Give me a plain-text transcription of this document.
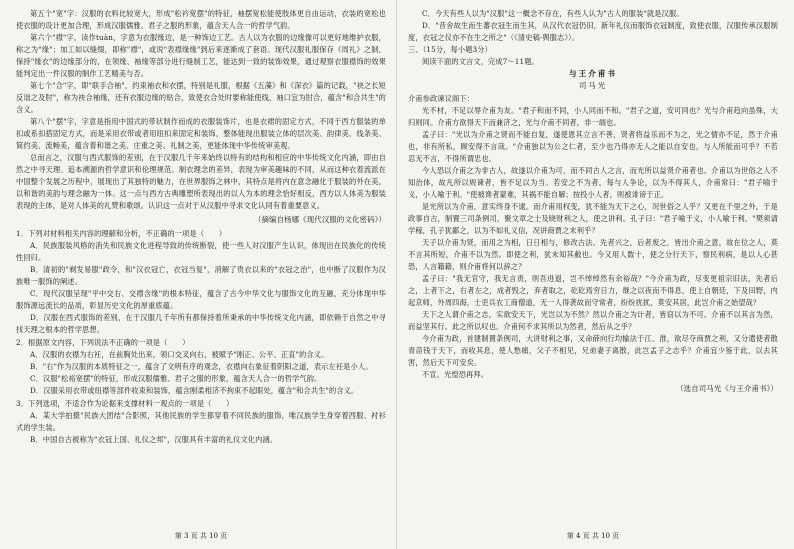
第五个"宽"字：汉服的衣料比较宽大，形成"松衿宽摆"的特征，袖摆宽松能使肢体更自由运动，衣装的宽松也使衣服的设计更加合理，形成汉服儒雅、君子之服的形象，蕴含天人合一的哲学气韵。

第六个"襟"字，读作tuàn，字意为衣服缘边，是一种饰边工艺。古人以为衣服的边缘像可以更好地维护衣服，称之为"缘"；加工如以缝缀，即称"襟"，或说"表襟缘缘"到后来逐渐成了套语。现代汉服礼服保存《周礼》之制，保持"缘衣"的边缘部分的，在领缘、袖缘等部分进行缝制工艺，能达到一致的装饰效果，通过观察衣服襟饰的效果能判定出一件汉服的制作工艺精美与否。

第七个"合"字，即"联手合袖"，约束袖衣和衣摆，特别是礼服，根据《五藻》和《深衣》篇的记载，"袂之长短反诎之及肘"，称为袂合袖缘，还有衣服边缘的贴合，致使衣合处时要称能使线，袖口宜为肘合，蕴含"和合共生"的含义。

第八个"摆"字，字意是指用中国式的带状制作而成的衣服装饰片，也是衣裙的固定方式，不同于西方服装的单扣或系扣搭固定方式，而是采用衣带或者用纽扣来固定和装饰，整体能现出服装立体的层次美、韵律美、线条美、简约美、流畅美，蕴含着和谐之美、庄重之美、礼制之美，更能体现中华传统审美观。

总而言之，汉服与西式服饰的差别，在于汉服几千年来始终以特有的结构和相应的中华传统文化内涵，即由自然之中寻天理、追本溯源的哲学意识和伦理规范。制衣理念的差异，表现为审美趣味的不同，从而这种衣着流派在中国整个发展之历程中，展现出了其独特的魅力，在世界服饰之林中，其特点是将内在意念融化于服装的外在美，以和谐的美韵与理念融为一体。这一点与西方古典雕塑所表现出的以人为本的理念恰好相反，西方以人体美为服装表现的主体，是对人体美的礼赞和歌颂。认识这一点对于从汉服中寻求文化认同有着重要意义。

（摘编自杨娜《现代汉服的文化密码》）

1．下列对材料相关内容的理解和分析，不正确的一项是（　　）

A．民族服装风格的消失和民族文化进程导致的传统断裂，使一些人对汉服产生认识，体现出在民族化的传统性回归。

B．清初的"剃发易服"政令，和"汉衣冠亡，衣冠当复"，消解了贵衣以来的"衣冠之治"，也中断了汉服作为汉族唯一服饰的阐述。

C．现代汉服呈现"平中交右、交襟含缘"的根本特征，蕴含了古今中华文化与服饰文化的互融，充分体现中华服饰源远流长的品质，彰显历史文化的厚重底蕴。

D．汉服在西式服饰的差别，在于汉服几千年所有都保持着所秉承的中华传统文化内涵，即依赖于自然之中寻找天理之根本的哲学思想。

2．根据原文内容，下列说法不正确的一项是（　　）

A．汉服的衣襟为右衽，在前胸处出来，领口交叉向右，被赋予"刚正、公平、正直"的含义。

B．"右"作为汉服的本质特征之一，蕴含了文明有序的观念，衣襟向右象征着阴阳之道，表示左衽是小人。

C．汉服"松裕宽摆"的特征，形成汉服儒雅、君子之服的形象，蕴含天人合一的哲学气韵。

D．汉服采用衣带或纽襟等部件收束和装饰，蕴含刚柔相济不拘束不起眼处，蕴含"和合共生"的含义。

3．下列选项，不适合作为论据来支撑材料一观点的一项是（　　）

A．某大学拍摄"民族大团结"合影照，其他民族的学生都穿着不同民族的服饰，唯汉族学生身穿着西服、衬衫式的学生装。

B．中国自古被称为"衣冠上国、礼仪之邦"，汉服具有丰富的礼仪文化内涵。

第 3 页 共 10 页

C．今天有些人以为"汉服"这一概念不存在，有些人认为"古人的服装"就是汉服。

D．"昔舍故生而生蕃衣冠生而生其，从汉代衣冠仍旧，新年礼仪而服饰衣冠制度，致使衣服，汉服传承汉服制度，衣冠之仪亦不在生之所之"（《清史稿·舆服志》）。

三、（15分，每小题3分）

阅读下面的文言文，完成7～11题。

与王介甫书
司马光

介甫参政谏议阁下：

光不材，不足以辱介甫为友。"君子和而不同，小人同而不和。"君子之道，安可同也？光与介甫趋向虽殊，大归则同。介甫方欲得天下而兼济之，光与介甫不同者，非一端也。

孟子曰："光以为介甫之贤而不能自复，遂使恩其立言不善，贤者将益乐而不为之，光之情亦不足，然于介甫也，非有所私，顾安得不言哉。"介甫独以为公之仁者，至少也乃得亦无人之能以自安也，与人所能而可乎？不若忍无不言，不得所谓忠也。

今人恐以介甫之为非古人，故遂以介甫为可，而不同古人之言，而光所以益贤介甫者也。介甫以为世俗之人不知治体，故凡所以规谏者，皆不足以为当。若安之不为者，每与人争论，以为不得其人，介甫常曰："君子喻于义，小人喻于利。"使被谗者蒙难，其祸不能自解；按投小人者，则被诽谤于正。

是光所以为介甫，意实终身不逮。而介甫用权变，犹不能为天下之心，况世俗之人乎？又更在千里之外，于是政事自古，制置三司条例司，聚文章之士及晓财利之人，使之讲利。孔子曰："君子喻于义，小人喻于利。"樊须请学稼，孔子犹鄙之，以为不如礼义信，况讲商贾之末利乎？

天子以介甫为贤，而用之为相，日日相与，修改古法。先者兴之，后者废之，皆出介甫之意，故在位之人，莫不言其所短，介甫不以为然。即使之利，犹未知其敝也。今又用人数十，使之分行天下，察民利病，是以人心甚恐，人言籍籍，则介甫将何以辞之？

孟子曰："我无官守，我无言责，则吾进退，岂不绰绰然有余裕哉？"今介甫为政，尽变更祖宗旧法，先者后之，上者下之，右者左之，成者毁之，弃者取之，矻矻焉穷日力，继之以夜而不得息，使上自朝廷，下及田野，内起京师，外周四海，士吏兵农工商僧道，无一人得袭故而守常者，纷纷扰扰，莫安其居，此岂介甫之始望哉？

天下之人谓介甫之志，实欲安天下，光岂以为不然？然以介甫之为计者，皆窃以为不可。介甫不以其言为然，而益坚其行。此之所以叹也。介甫何不求其所以为然者，然后从之乎？

今介甫为政，首建制置条例司，大讲财利之事，又命薛向行均输法于江、淮，欲尽夺商贾之利，又分遣使者散青苗钱于天下，而收其息，使人愁痛，父子不相见，兄弟妻子离散，此岂孟子之志乎？介甫宜少鉴于此，以去其害，然后天下可安矣。

不宣。光惶恐再拜。

（选自司马光《与王介甫书》）

第 4 页 共 10 页
